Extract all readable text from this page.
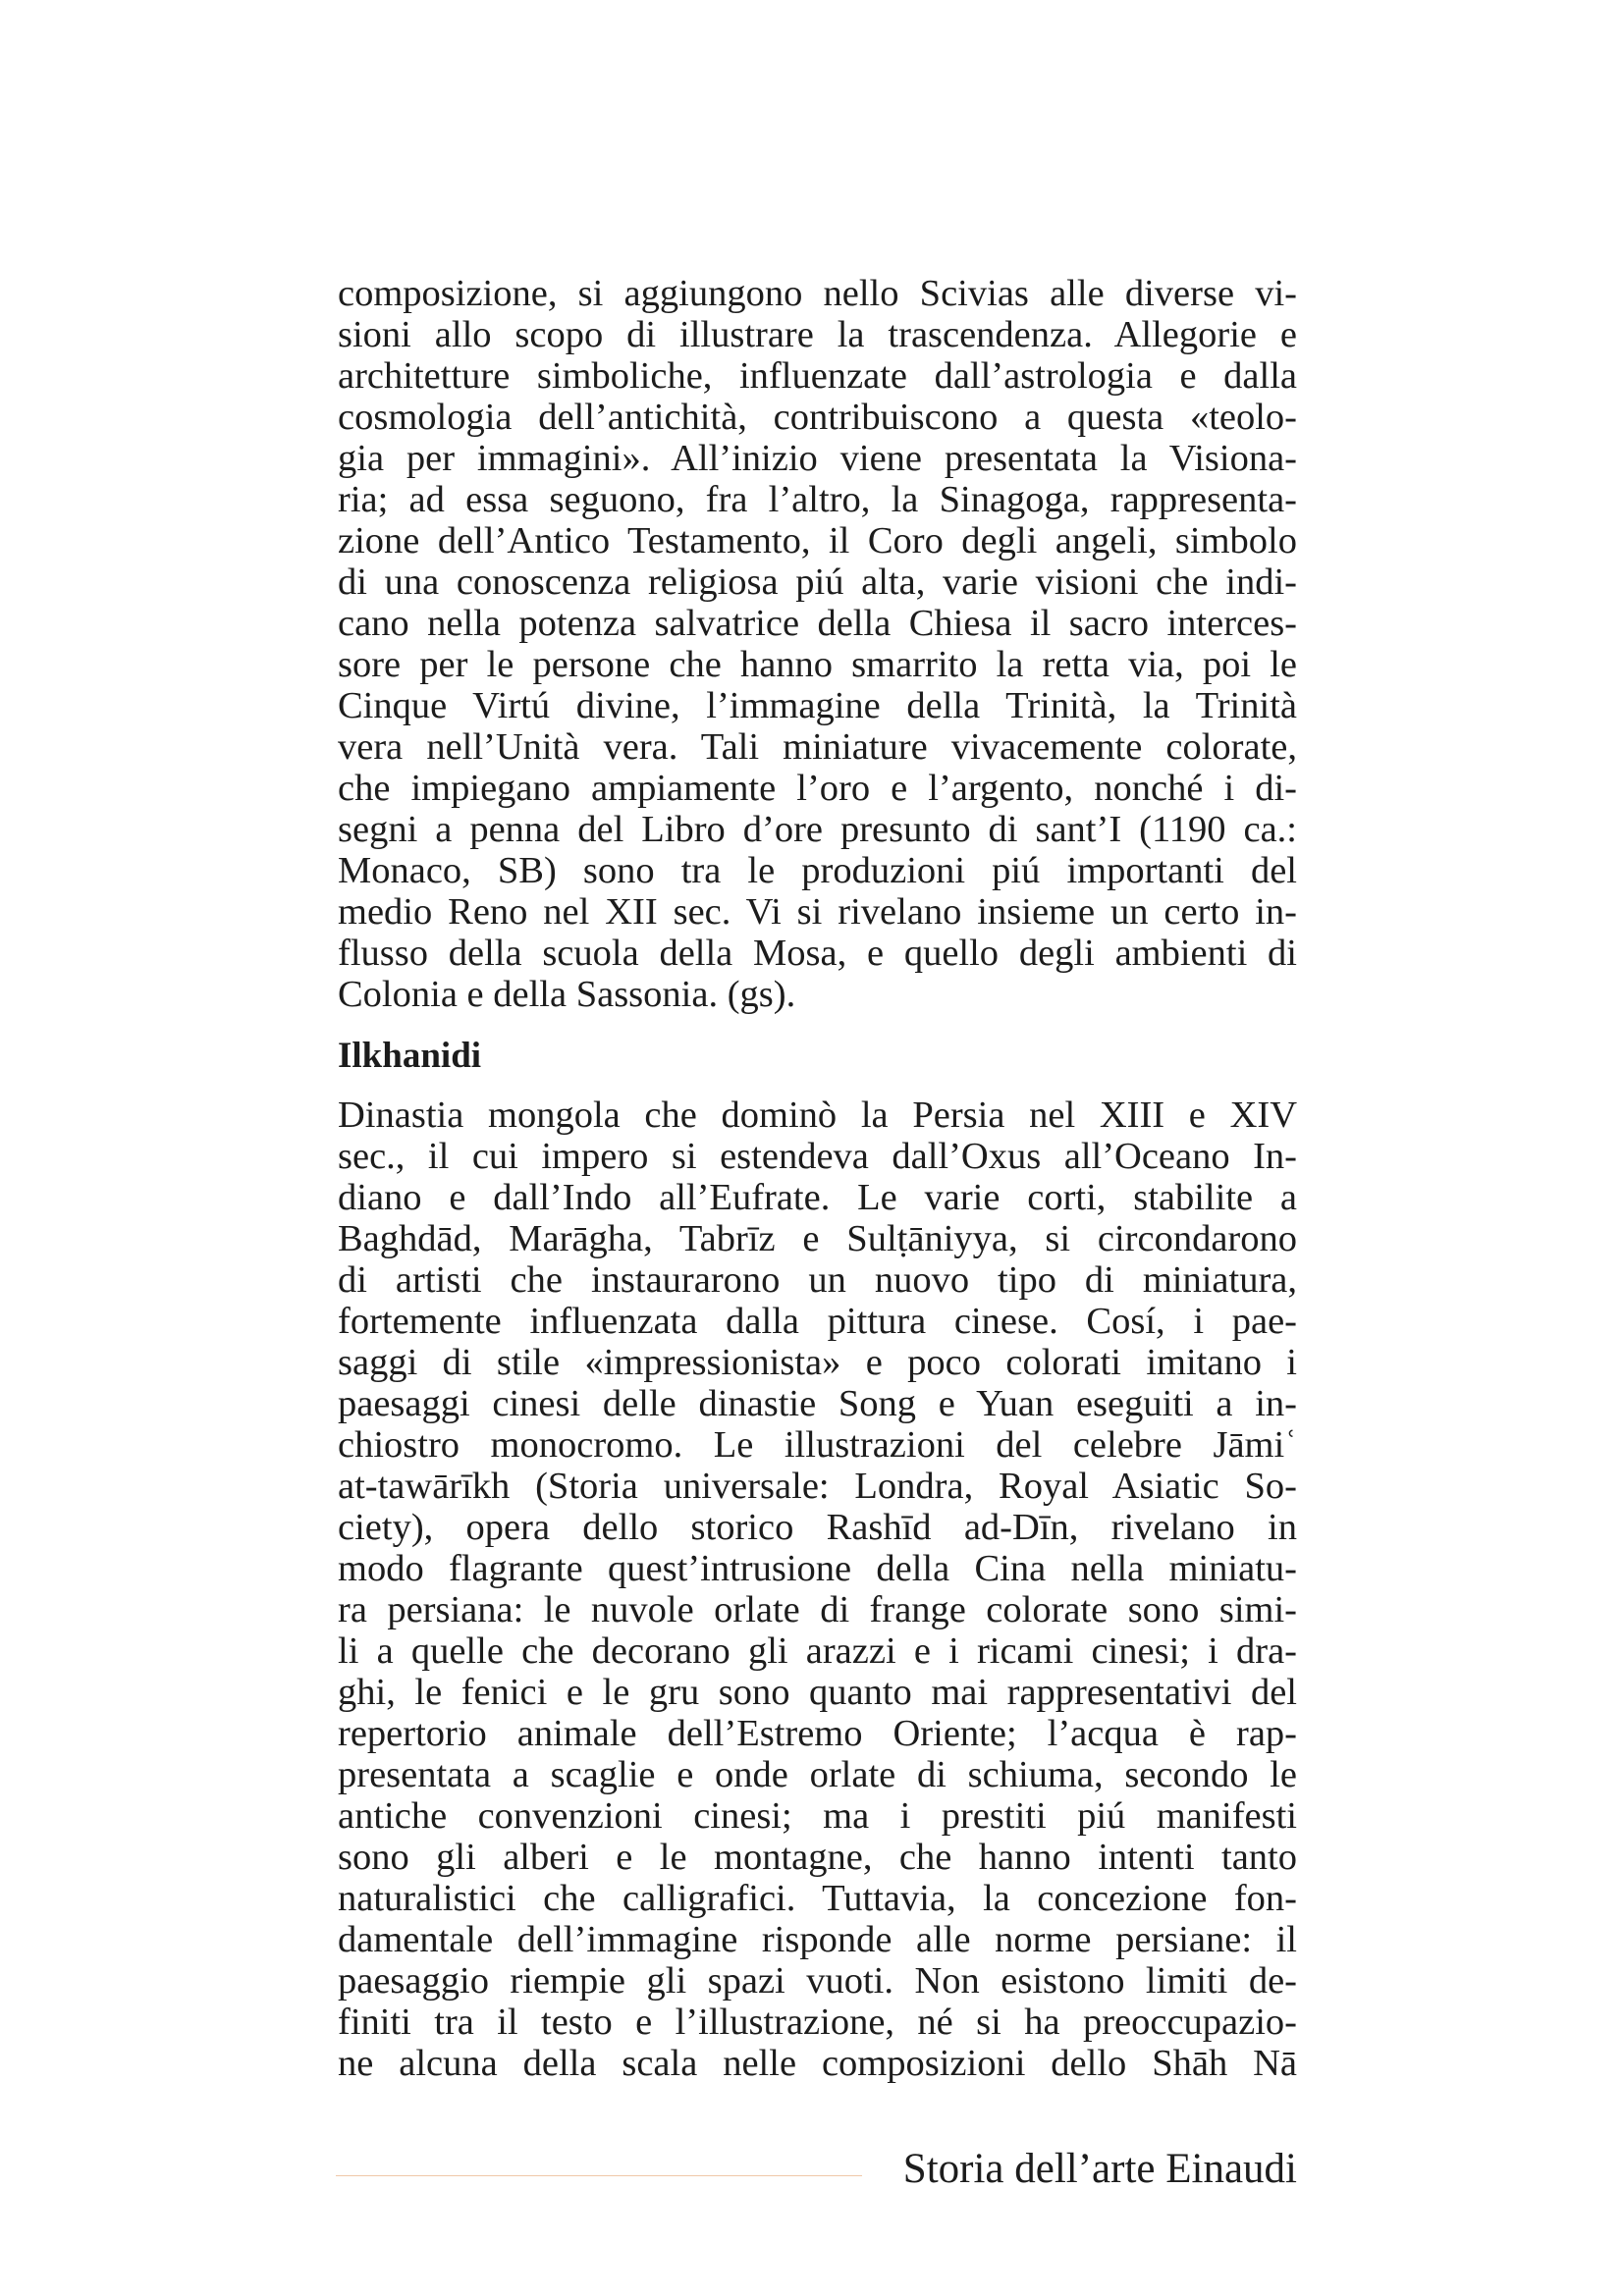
composizione, si aggiungono nello Scivias alle diverse vi-
sioni allo scopo di illustrare la trascendenza. Allegorie e
architetture simboliche, influenzate dall’astrologia e dalla
cosmologia dell’antichità, contribuiscono a questa «teolo-
gia per immagini». All’inizio viene presentata la Visiona-
ria; ad essa seguono, fra l’altro, la Sinagoga, rappresenta-
zione dell’Antico Testamento, il Coro degli angeli, simbolo
di una conoscenza religiosa piú alta, varie visioni che indi-
cano nella potenza salvatrice della Chiesa il sacro interces-
sore per le persone che hanno smarrito la retta via, poi le
Cinque Virtú divine, l’immagine della Trinità, la Trinità
vera nell’Unità vera. Tali miniature vivacemente colorate,
che impiegano ampiamente l’oro e l’argento, nonché i di-
segni a penna del Libro d’ore presunto di sant’I (1190 ca.:
Monaco, SB) sono tra le produzioni piú importanti del
medio Reno nel XII sec. Vi si rivelano insieme un certo in-
flusso della scuola della Mosa, e quello degli ambienti di
Colonia e della Sassonia. (gs).
Ilkhanidi
Dinastia mongola che dominò la Persia nel XIII e XIV
sec., il cui impero si estendeva dall’Oxus all’Oceano In-
diano e dall’Indo all’Eufrate. Le varie corti, stabilite a
Baghdād, Marāgha, Tabrīz e Sulṭāniyya, si circondarono
di artisti che instaurarono un nuovo tipo di miniatura,
fortemente influenzata dalla pittura cinese. Cosí, i pae-
saggi di stile «impressionista» e poco colorati imitano i
paesaggi cinesi delle dinastie Song e Yuan eseguiti a in-
chiostro monocromo. Le illustrazioni del celebre Jāmiʿ
at-tawārīkh (Storia universale: Londra, Royal Asiatic So-
ciety), opera dello storico Rashīd ad-Dīn, rivelano in
modo flagrante quest’intrusione della Cina nella miniatu-
ra persiana: le nuvole orlate di frange colorate sono simi-
li a quelle che decorano gli arazzi e i ricami cinesi; i dra-
ghi, le fenici e le gru sono quanto mai rappresentativi del
repertorio animale dell’Estremo Oriente; l’acqua è rap-
presentata a scaglie e onde orlate di schiuma, secondo le
antiche convenzioni cinesi; ma i prestiti piú manifesti
sono gli alberi e le montagne, che hanno intenti tanto
naturalistici che calligrafici. Tuttavia, la concezione fon-
damentale dell’immagine risponde alle norme persiane: il
paesaggio riempie gli spazi vuoti. Non esistono limiti de-
finiti tra il testo e l’illustrazione, né si ha preoccupazio-
ne alcuna della scala nelle composizioni dello Shāh Nā
Storia dell’arte Einaudi
